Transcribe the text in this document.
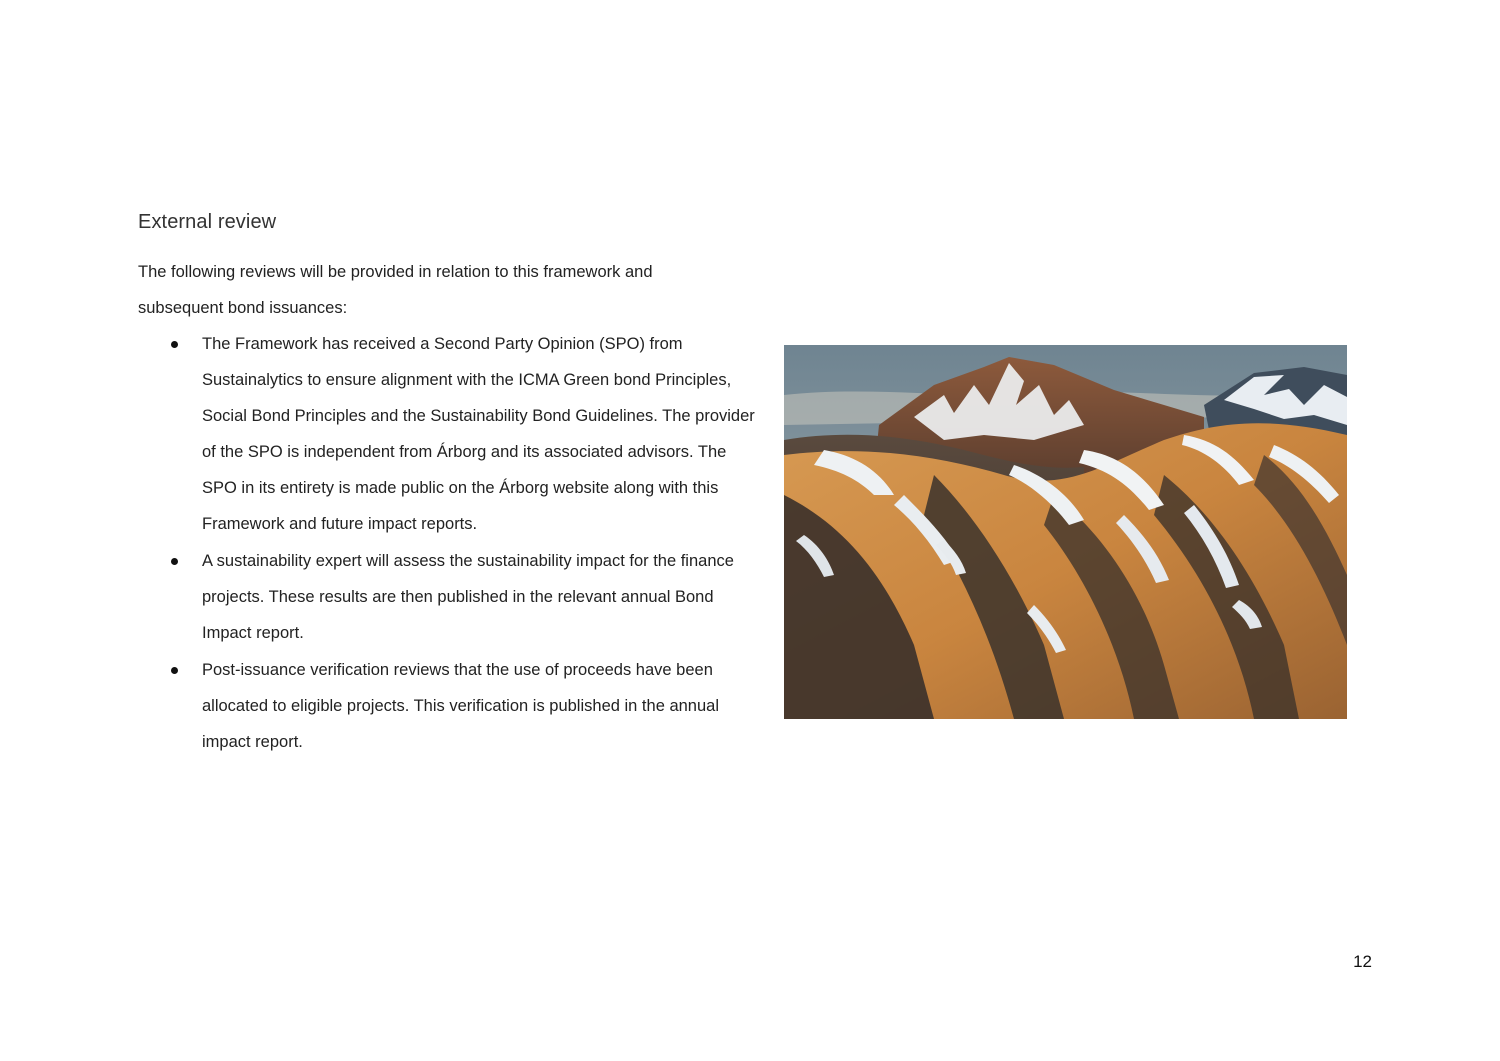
External review

The following reviews will be provided in relation to this framework and subsequent bond issuances:

The Framework has received a Second Party Opinion (SPO) from Sustainalytics to ensure alignment with the ICMA Green bond Principles, Social Bond Principles and the Sustainability Bond Guidelines. The provider of the SPO is independent from Árborg and its associated advisors. The SPO in its entirety is made public on the Árborg website along with this Framework and future impact reports.
A sustainability expert will assess the sustainability impact for the finance projects. These results are then published in the relevant annual Bond Impact report.
Post-issuance verification reviews that the use of proceeds have been allocated to eligible projects. This verification is published in the annual impact report.
12
